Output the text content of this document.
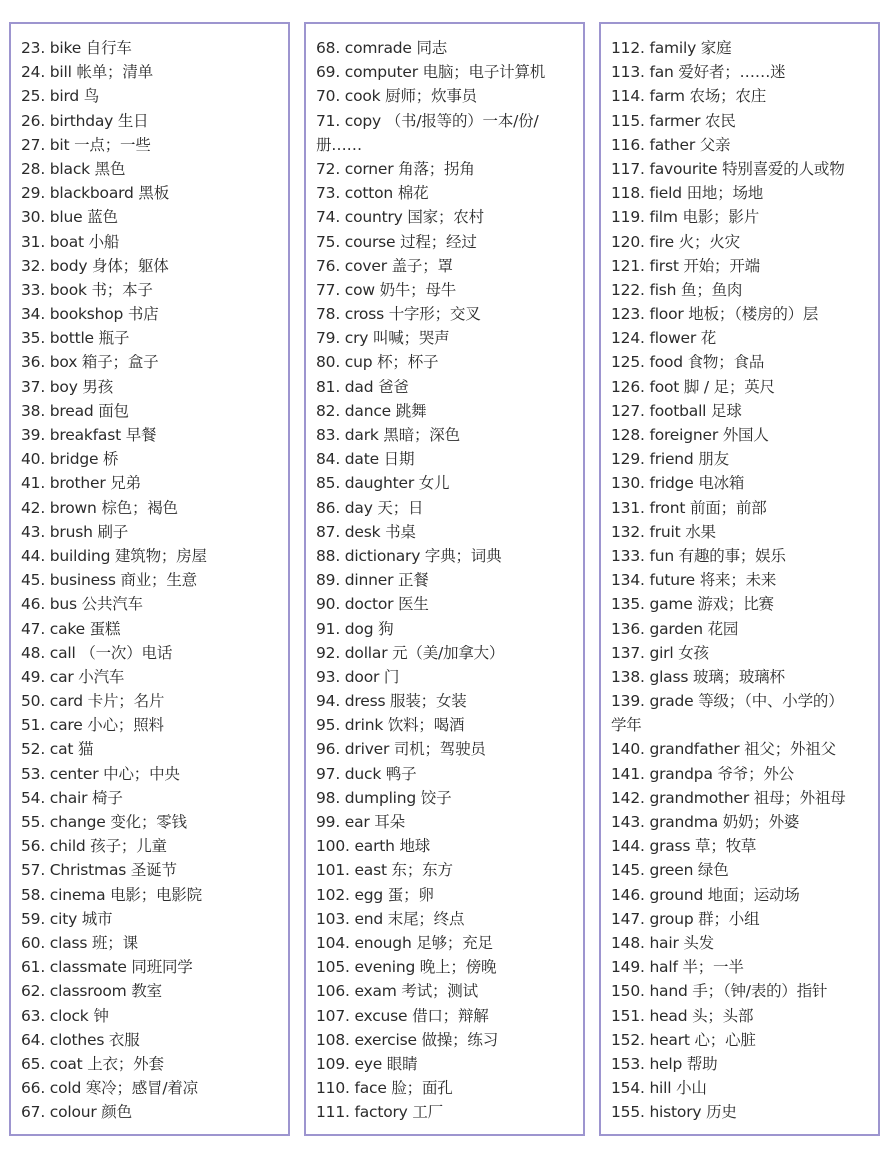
23. bike 自行车
24. bill 帐单；清单
25. bird 鸟
26. birthday 生日
27. bit 一点；一些
28. black 黑色
29. blackboard 黑板
30. blue 蓝色
31. boat 小船
32. body 身体；躯体
33. book 书；本子
34. bookshop 书店
35. bottle 瓶子
36. box 箱子；盒子
37. boy 男孩
38. bread 面包
39. breakfast 早餐
40. bridge 桥
41. brother 兄弟
42. brown 棕色；褐色
43. brush 刷子
44. building 建筑物；房屋
45. business 商业；生意
46. bus 公共汽车
47. cake 蛋糕
48. call （一次）电话
49. car 小汽车
50. card 卡片；名片
51. care 小心；照料
52. cat 猫
53. center 中心；中央
54. chair 椅子
55. change 变化；零钱
56. child 孩子；儿童
57. Christmas 圣诞节
58. cinema 电影；电影院
59. city 城市
60. class 班；课
61. classmate 同班同学
62. classroom 教室
63. clock 钟
64. clothes 衣服
65. coat 上衣；外套
66. cold 寒冷；感冒/着凉
67. colour 颜色
68. comrade 同志
69. computer 电脑；电子计算机
70. cook 厨师；炊事员
71. copy （书/报等的）一本/份/
册……
72. corner 角落；拐角
73. cotton 棉花
74. country 国家；农村
75. course 过程；经过
76. cover 盖子；罩
77. cow 奶牛；母牛
78. cross 十字形；交叉
79. cry 叫喊；哭声
80. cup 杯；杯子
81. dad 爸爸
82. dance 跳舞
83. dark 黑暗；深色
84. date 日期
85. daughter 女儿
86. day 天；日
87. desk 书桌
88. dictionary 字典；词典
89. dinner 正餐
90. doctor 医生
91. dog 狗
92. dollar 元（美/加拿大）
93. door 门
94. dress 服装；女装
95. drink 饮料；喝酒
96. driver 司机；驾驶员
97. duck 鸭子
98. dumpling 饺子
99. ear 耳朵
100. earth 地球
101. east 东；东方
102. egg 蛋；卵
103. end 末尾；终点
104. enough 足够；充足
105. evening 晚上；傍晚
106. exam 考试；测试
107. excuse 借口；辩解
108. exercise 做操；练习
109. eye 眼睛
110. face 脸；面孔
111. factory 工厂
112. family 家庭
113. fan 爱好者；……迷
114. farm 农场；农庄
115. farmer 农民
116. father 父亲
117. favourite 特别喜爱的人或物
118. field 田地；场地
119. film 电影；影片
120. fire 火；火灾
121. first 开始；开端
122. fish 鱼；鱼肉
123. floor 地板；（楼房的）层
124. flower 花
125. food 食物；食品
126. foot 脚 / 足；英尺
127. football 足球
128. foreigner 外国人
129. friend 朋友
130. fridge 电冰箱
131. front 前面；前部
132. fruit 水果
133. fun 有趣的事；娱乐
134. future 将来；未来
135. game 游戏；比赛
136. garden 花园
137. girl 女孩
138. glass 玻璃；玻璃杯
139. grade 等级；（中、小学的）
学年
140. grandfather 祖父；外祖父
141. grandpa 爷爷；外公
142. grandmother 祖母；外祖母
143. grandma 奶奶；外婆
144. grass 草；牧草
145. green 绿色
146. ground 地面；运动场
147. group 群；小组
148. hair 头发
149. half 半；一半
150. hand 手；（钟/表的）指针
151. head 头；头部
152. heart 心；心脏
153. help 帮助
154. hill 小山
155. history 历史
